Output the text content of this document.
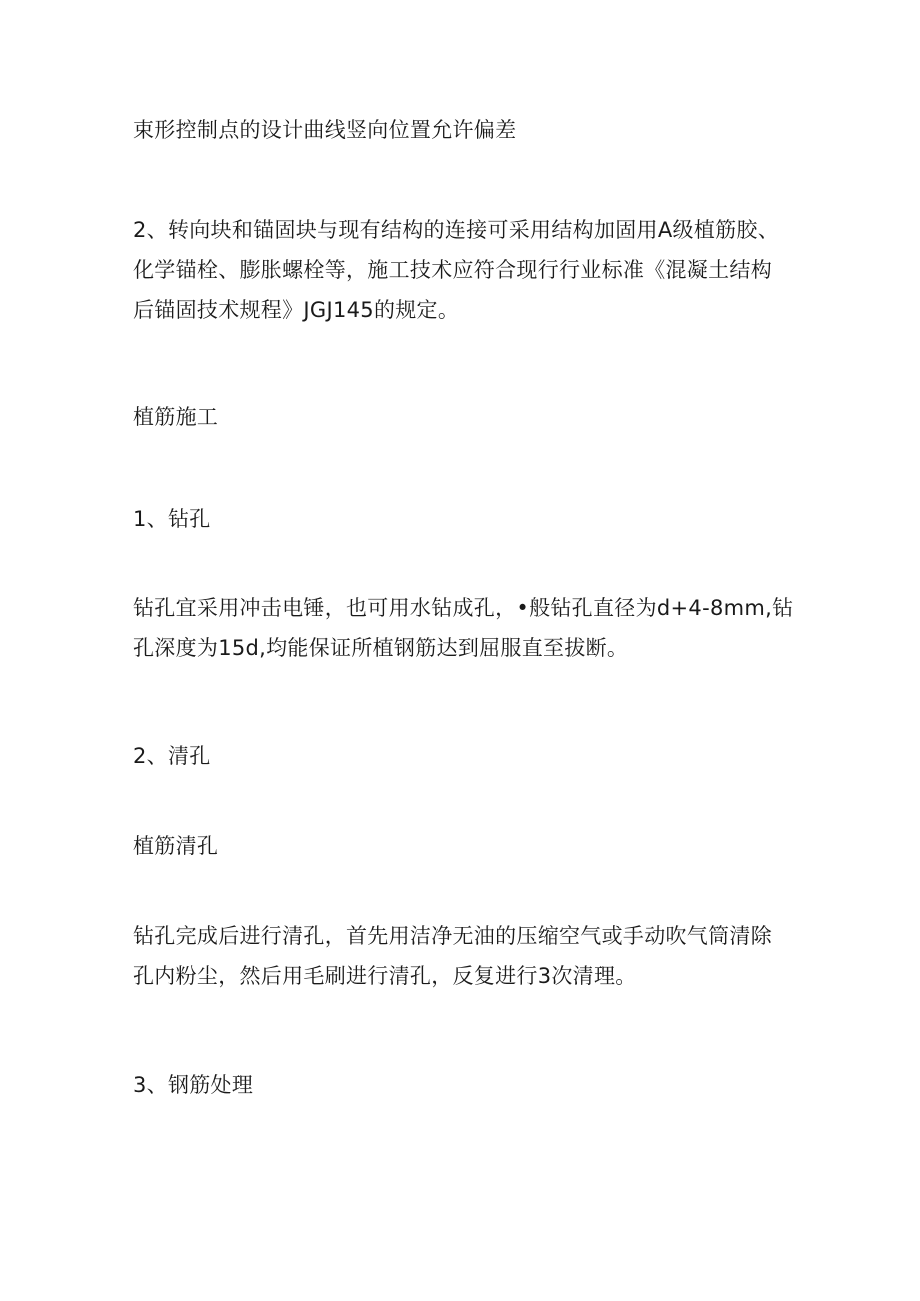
束形控制点的设计曲线竖向位置允许偏差

2、转向块和锚固块与现有结构的连接可采用结构加固用A级植筋胶、
化学锚栓、膨胀螺栓等，施工技术应符合现行行业标准《混凝土结构
后锚固技术规程》JGJ145的规定。

植筋施工

1、钻孔

钻孔宜采用冲击电锤，也可用水钻成孔，•般钻孔直径为d+4-8mm,钻
孔深度为15d,均能保证所植钢筋达到屈服直至拔断。

2、清孔

植筋清孔

钻孔完成后进行清孔，首先用洁净无油的压缩空气或手动吹气筒清除
孔内粉尘，然后用毛刷进行清孔，反复进行3次清理。

3、钢筋处理
